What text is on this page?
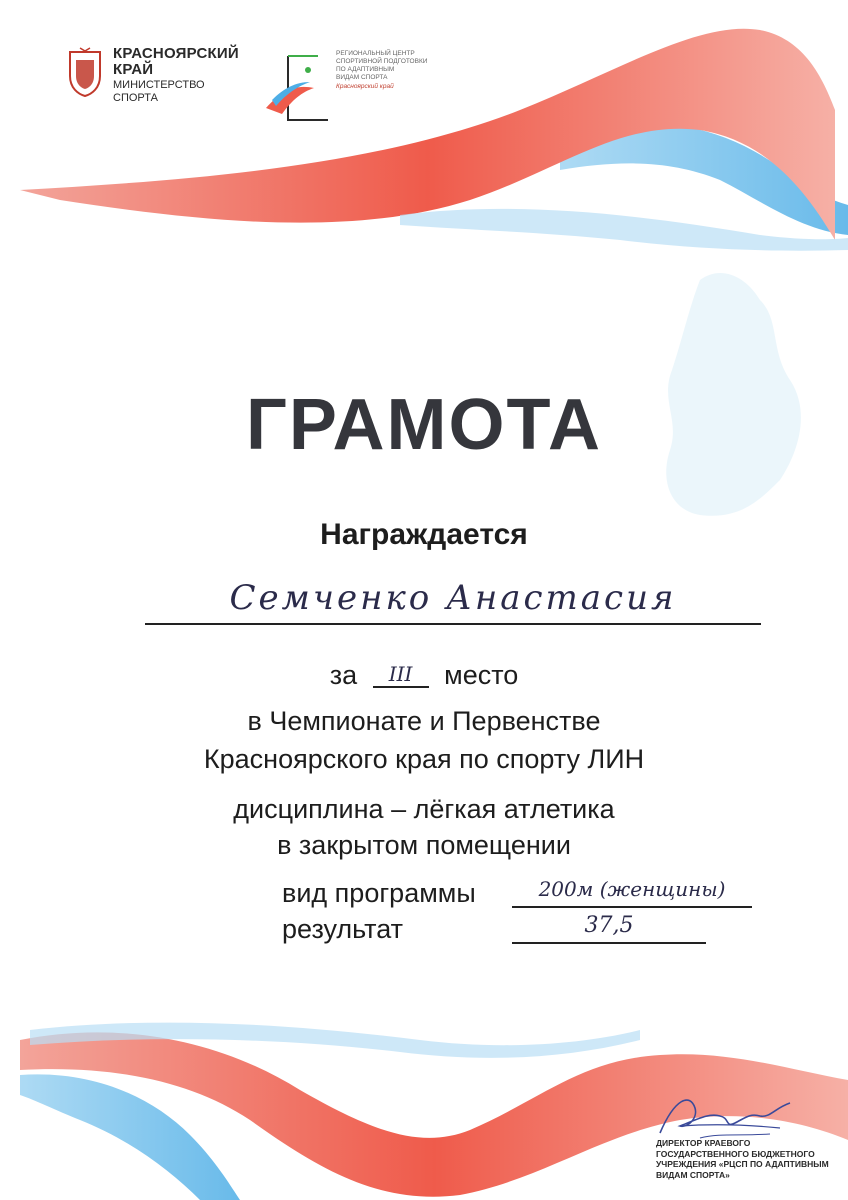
КРАСНОЯРСКИЙ
КРАЙ
МИНИСТЕРСТВО
СПОРТА
РЕГИОНАЛЬНЫЙ ЦЕНТР
СПОРТИВНОЙ ПОДГОТОВКИ
ПО АДАПТИВНЫМ
ВИДАМ СПОРТА
Красноярский край
ГРАМОТА
Награждается
Семченко Анастасия
за III место
в Чемпионате и Первенстве
Красноярского края по спорту ЛИН
дисциплина – лёгкая атлетика
в закрытом помещении
вид программы	200м (женщины)
результат	37,5
ДИРЕКТОР КРАЕВОГО ГОСУДАРСТВЕННОГО БЮДЖЕТНОГО УЧРЕЖДЕНИЯ «РЦСП ПО АДАПТИВНЫМ ВИДАМ СПОРТА»
